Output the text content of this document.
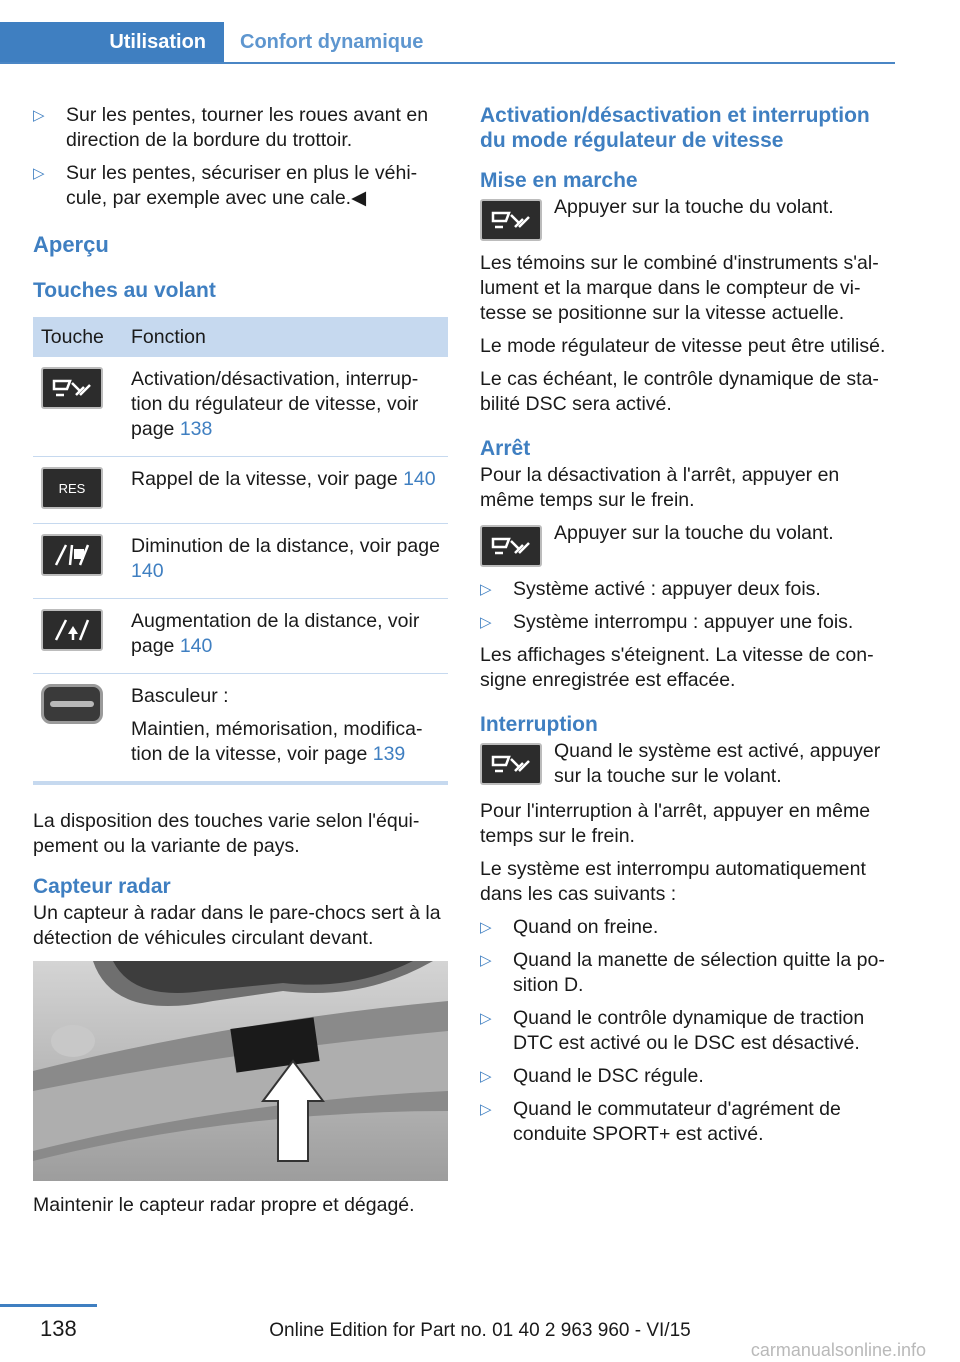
Utilisation	Confort dynamique
▷	Sur les pentes, tourner les roues avant en direction de la bordure du trottoir.
▷	Sur les pentes, sécuriser en plus le véhi‐cule, par exemple avec une cale.◀
Aperçu
Touches au volant
Touche	Fonction

	Activation/désactivation, interrup‐tion du régulateur de vitesse, voir page 138

RES	Rappel de la vitesse, voir page 140

	Diminution de la distance, voir page 140

	Augmentation de la distance, voir page 140

	Basculeur :
Maintien, mémorisation, modifica‐tion de la vitesse, voir page 139

La disposition des touches varie selon l'équi‐pement ou la variante de pays.

Capteur radar

Un capteur à radar dans le pare-chocs sert à la détection de véhicules circulant devant.

Maintenir le capteur radar propre et dégagé.

Activation/désactivation et interruption du mode régulateur de vitesse
Mise en marche
Appuyer sur la touche du volant.

Les témoins sur le combiné d'instruments s'al‐lument et la marque dans le compteur de vi‐tesse se positionne sur la vitesse actuelle.

Le mode régulateur de vitesse peut être utilisé.

Le cas échéant, le contrôle dynamique de sta‐bilité DSC sera activé.

Arrêt

Pour la désactivation à l'arrêt, appuyer en même temps sur le frein.

Appuyer sur la touche du volant.
▷	Système activé : appuyer deux fois.
▷	Système interrompu : appuyer une fois.

Les affichages s'éteignent. La vitesse de con‐signe enregistrée est effacée.

Interruption
Quand le système est activé, appuyer sur la touche sur le volant.

Pour l'interruption à l'arrêt, appuyer en même temps sur le frein.

Le système est interrompu automatiquement dans les cas suivants :

▷	Quand on freine.
▷	Quand la manette de sélection quitte la po‐sition D.
▷	Quand le contrôle dynamique de traction DTC est activé ou le DSC est désactivé.
▷	Quand le DSC régule.
▷	Quand le commutateur d'agrément de conduite SPORT+ est activé.
138	Online Edition for Part no. 01 40 2 963 960 - VI/15
carmanualsonline.info
